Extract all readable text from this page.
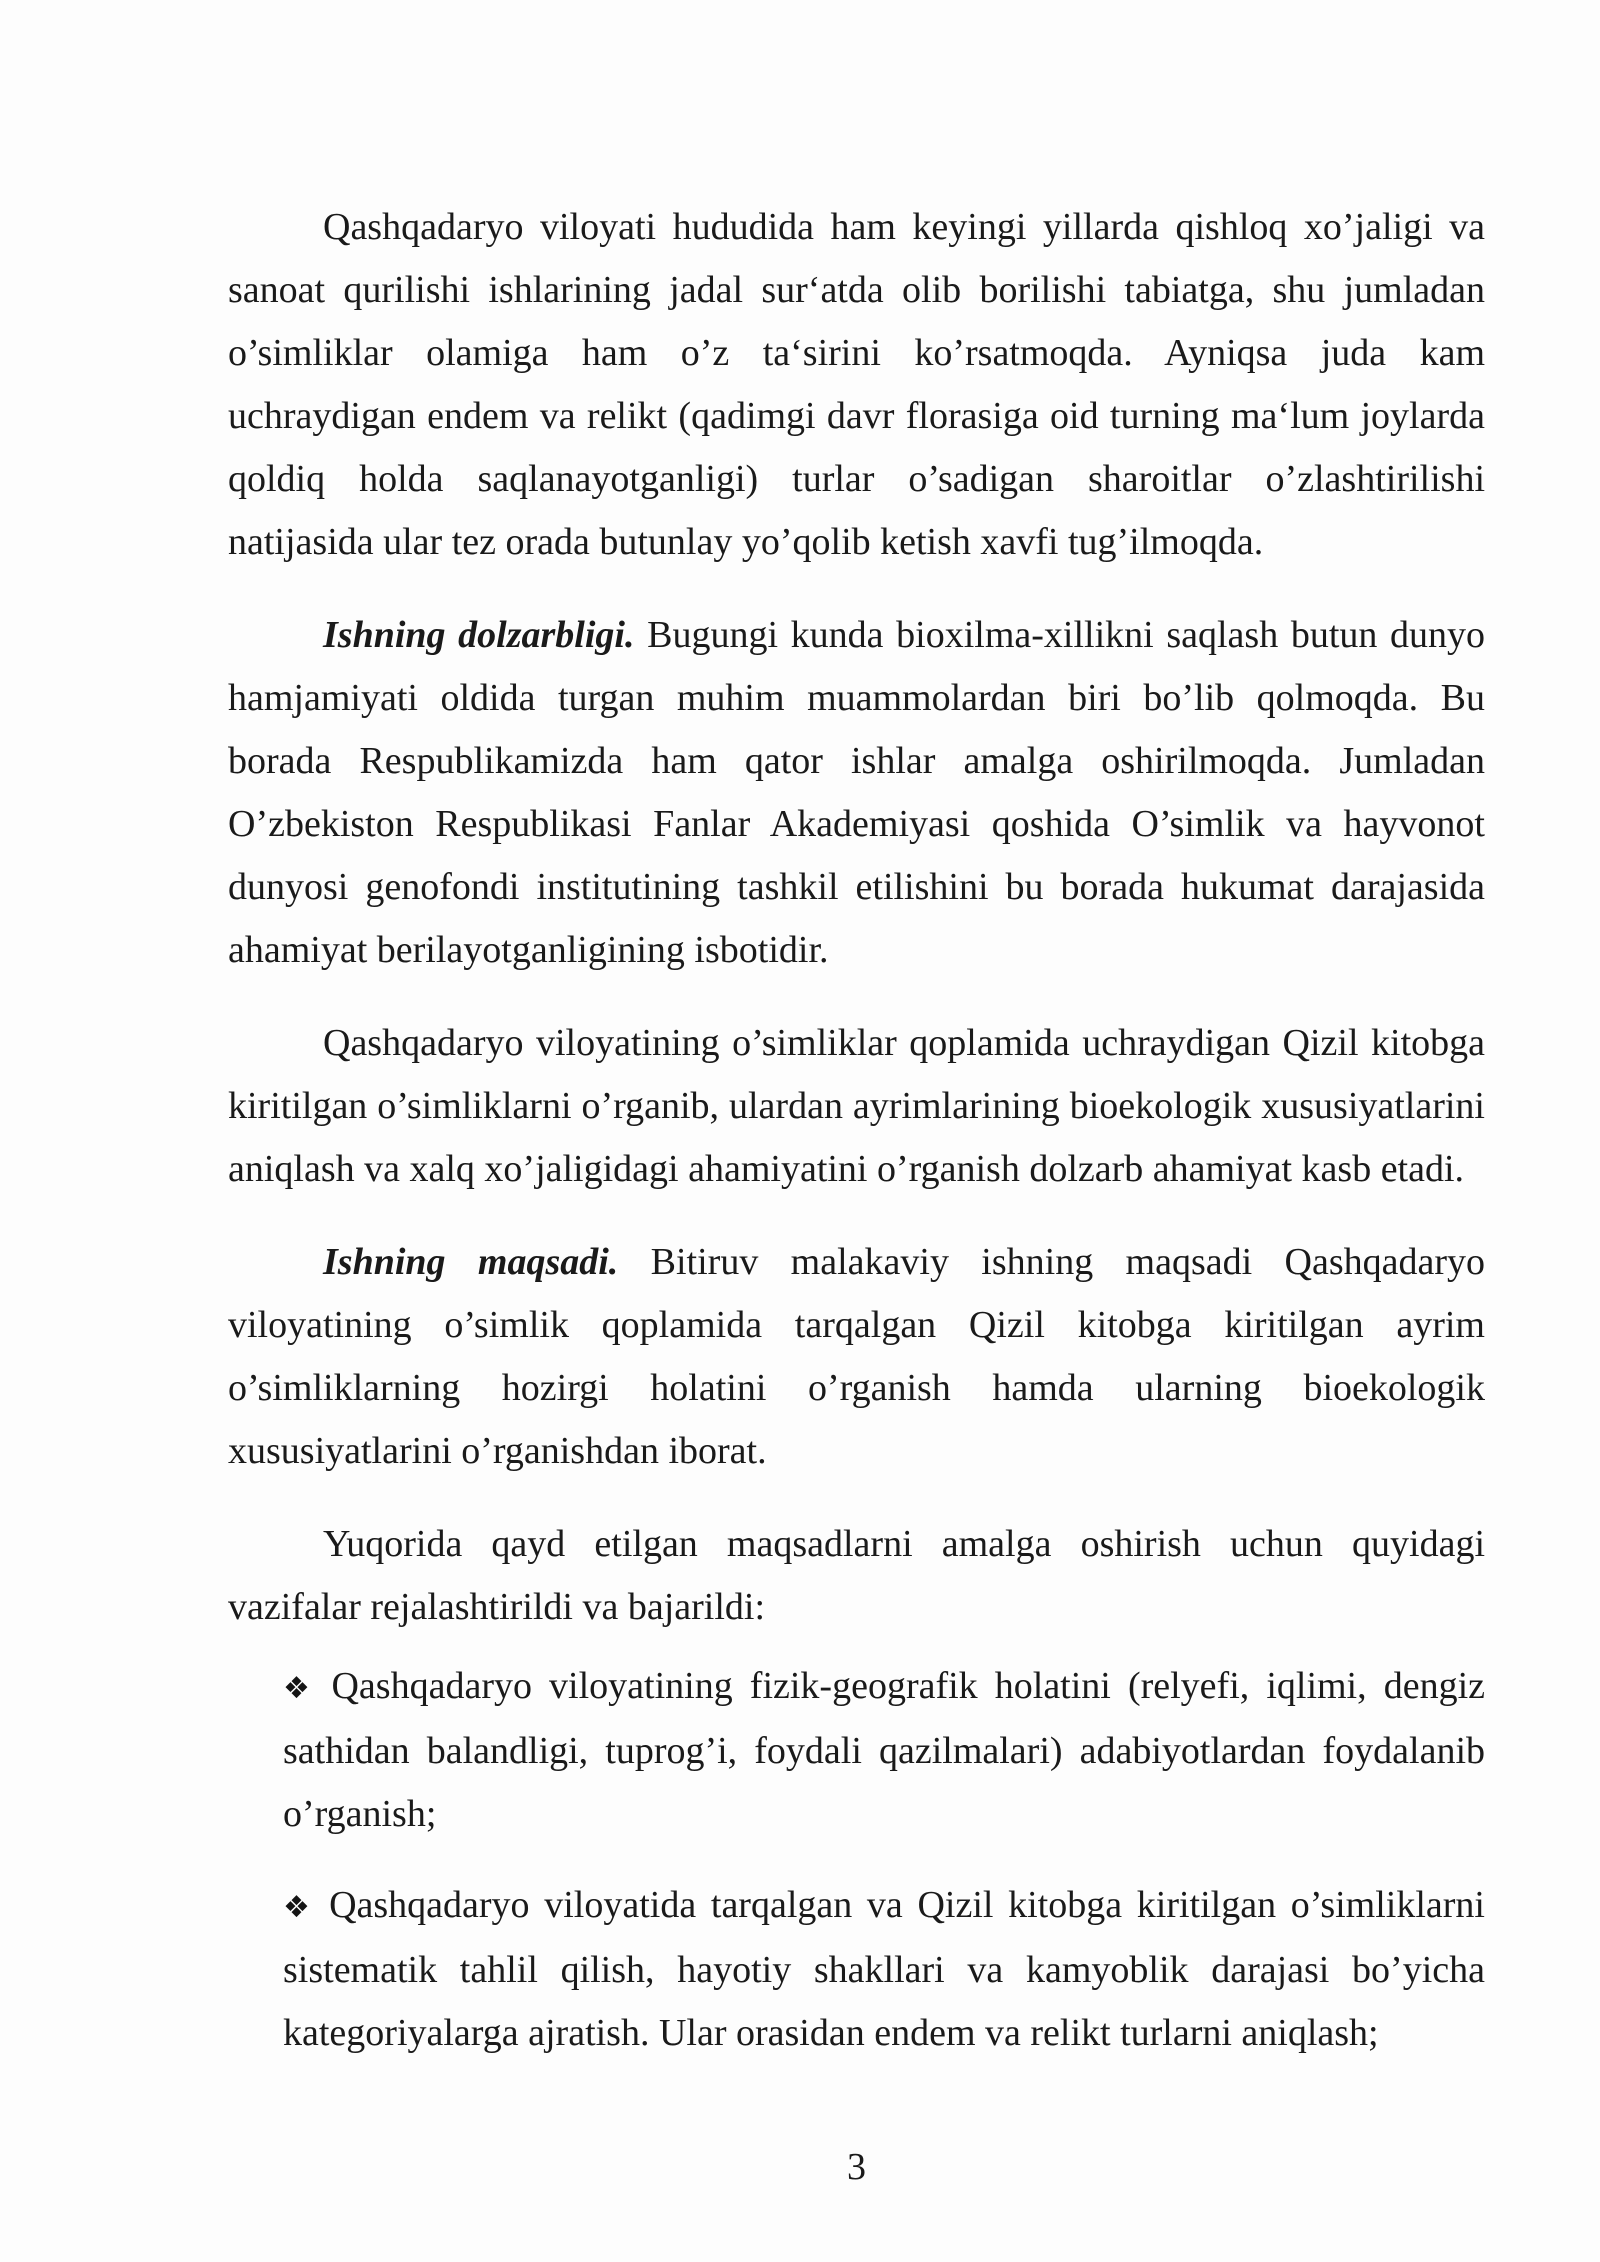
Qashqadaryo viloyati hududida ham keyingi yillarda qishloq xo’jaligi va sanoat qurilishi ishlarining jadal sur‘atda olib borilishi tabiatga, shu jumladan o’simliklar olamiga ham o’z ta‘sirini ko’rsatmoqda. Ayniqsa juda kam uchraydigan endem va relikt (qadimgi davr florasiga oid turning ma‘lum joylarda qoldiq holda saqlanayotganligi) turlar o’sadigan sharoitlar o’zlashtirilishi natijasida ular tez orada butunlay yo’qolib ketish xavfi tug’ilmoqda.

Ishning dolzarbligi. Bugungi kunda bioxilma-xillikni saqlash butun dunyo hamjamiyati oldida turgan muhim muammolardan biri bo’lib qolmoqda. Bu borada Respublikamizda ham qator ishlar amalga oshirilmoqda. Jumladan O’zbekiston Respublikasi Fanlar Akademiyasi qoshida O’simlik va hayvonot dunyosi genofondi institutining tashkil etilishini bu borada hukumat darajasida ahamiyat berilayotganligining isbotidir.

Qashqadaryo viloyatining o’simliklar qoplamida uchraydigan Qizil kitobga kiritilgan o’simliklarni o’rganib, ulardan ayrimlarining bioekologik xususiyatlarini aniqlash va xalq xo’jaligidagi ahamiyatini o’rganish dolzarb ahamiyat kasb etadi.

Ishning maqsadi. Bitiruv malakaviy ishning maqsadi Qashqadaryo viloyatining o’simlik qoplamida tarqalgan Qizil kitobga kiritilgan ayrim o’simliklarning hozirgi holatini o’rganish hamda ularning bioekologik xususiyatlarini o’rganishdan iborat.

Yuqorida qayd etilgan maqsadlarni amalga oshirish uchun quyidagi vazifalar rejalashtirildi va bajarildi:

❖ Qashqadaryo viloyatining fizik-geografik holatini (relyefi, iqlimi, dengiz sathidan balandligi, tuprog’i, foydali qazilmalari) adabiyotlardan foydalanib o’rganish;
❖ Qashqadaryo viloyatida tarqalgan va Qizil kitobga kiritilgan o’simliklarni sistematik tahlil qilish, hayotiy shakllari va kamyoblik darajasi bo’yicha kategoriyalarga ajratish. Ular orasidan endem va relikt turlarni aniqlash;
3
